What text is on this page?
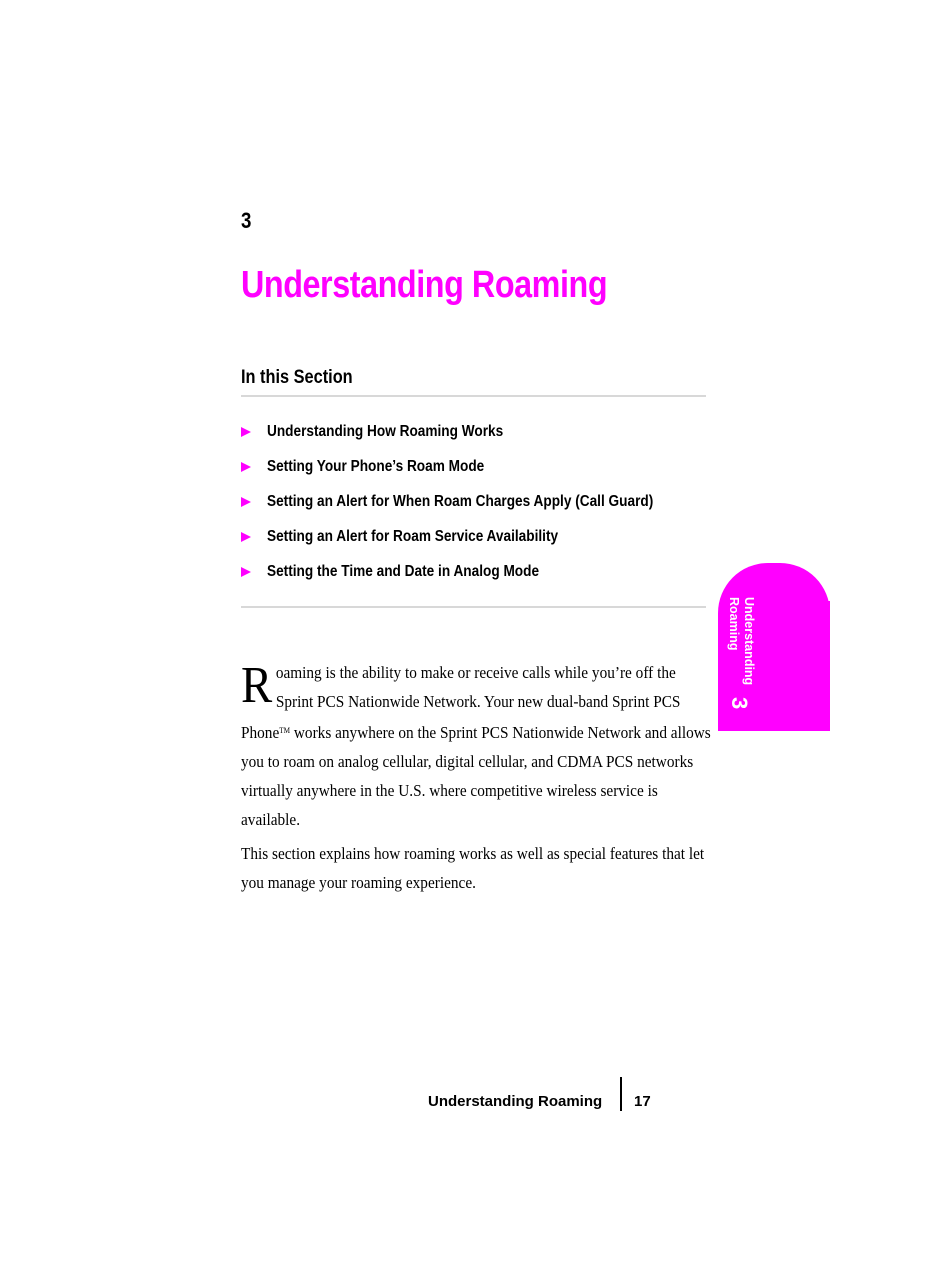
3
Understanding Roaming
In this Section
Understanding How Roaming Works
Setting Your Phone’s Roam Mode
Setting an Alert for When Roam Charges Apply (Call Guard)
Setting an Alert for Roam Service Availability
Setting the Time and Date in Analog Mode
Understanding Roaming
3

Roaming is the ability to make or receive calls while you’re off the Sprint PCS Nationwide Network. Your new dual-band Sprint PCS Phone™ works anywhere on the Sprint PCS Nationwide Network and allows you to roam on analog cellular, digital cellular, and CDMA PCS networks virtually anywhere in the U.S. where competitive wireless service is available.

This section explains how roaming works as well as special features that let you manage your roaming experience.

Understanding Roaming 17
